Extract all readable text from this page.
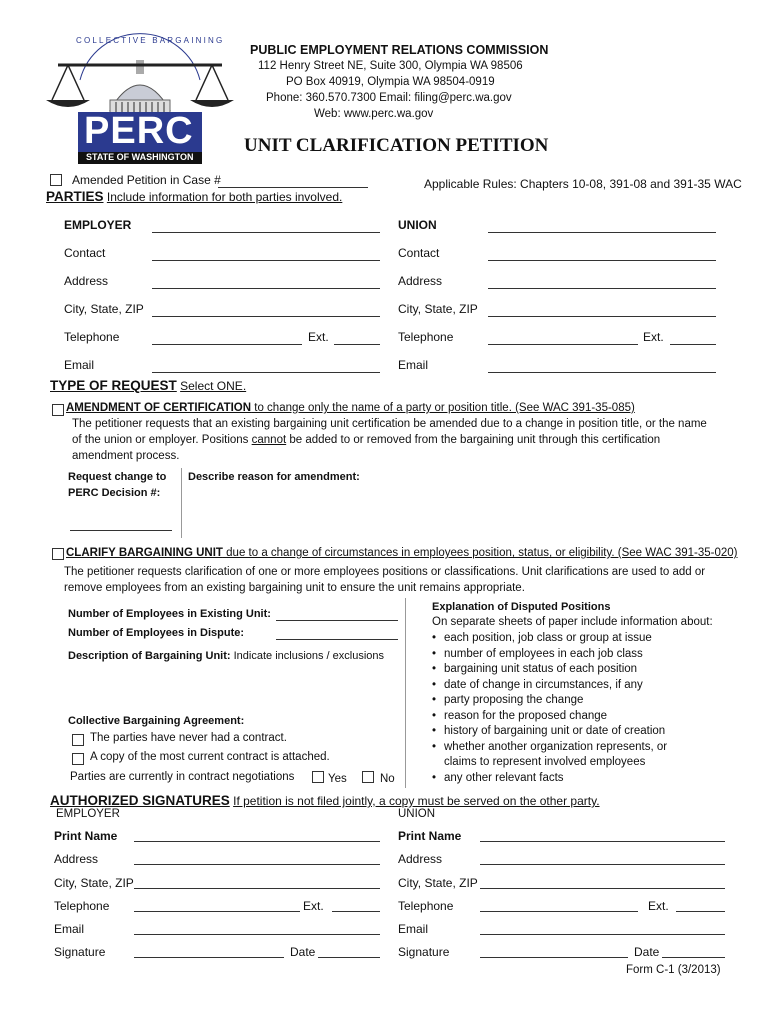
COLLECTIVE BARGAINING
PERC
STATE OF WASHINGTON
PUBLIC EMPLOYMENT RELATIONS COMMISSION
112 Henry Street NE, Suite 300, Olympia WA 98506
PO Box 40919, Olympia WA 98504-0919
Phone: 360.570.7300 Email: filing@perc.wa.gov
Web: www.perc.wa.gov
UNIT CLARIFICATION PETITION
Amended Petition in Case #	Applicable Rules: Chapters 10-08, 391-08 and 391-35 WAC
PARTIES Include information for both parties involved.
EMPLOYER	UNION
Contact	Contact
Address	Address
City, State, ZIP	City, State, ZIP
Telephone	Ext.	Telephone	Ext.
Email	Email
TYPE OF REQUEST Select ONE.
AMENDMENT OF CERTIFICATION to change only the name of a party or position title. (See WAC 391-35-085)
The petitioner requests that an existing bargaining unit certification be amended due to a change in position title, or the name
of the union or employer. Positions cannot be added to or removed from the bargaining unit through this certification
amendment process.
Request change to
PERC Decision #:
Describe reason for amendment:
CLARIFY BARGAINING UNIT due to a change of circumstances in employees position, status, or eligibility. (See WAC 391-35-020)
The petitioner requests clarification of one or more employees positions or classifications. Unit clarifications are used to add or
remove employees from an existing bargaining unit to ensure the unit remains appropriate.
Number of Employees in Existing Unit:
Number of Employees in Dispute:
Description of Bargaining Unit: Indicate inclusions / exclusions
Collective Bargaining Agreement:
The parties have never had a contract.
A copy of the most current contract is attached.
Parties are currently in contract negotiations	Yes	No
Explanation of Disputed Positions
On separate sheets of paper include information about:
• each position, job class or group at issue
• number of employees in each job class
• bargaining unit status of each position
• date of change in circumstances, if any
• party proposing the change
• reason for the proposed change
• history of bargaining unit or date of creation
• whether another organization represents, or
• any other relevant facts
claims to represent involved employees
AUTHORIZED SIGNATURES If petition is not filed jointly, a copy must be served on the other party.
EMPLOYER	UNION
Print Name	Print Name
Address	Address
City, State, ZIP	City, State, ZIP
Telephone	Ext.	Telephone	Ext.
Email	Email
Signature	Date	Signature	Date
Form C-1 (3/2013)
